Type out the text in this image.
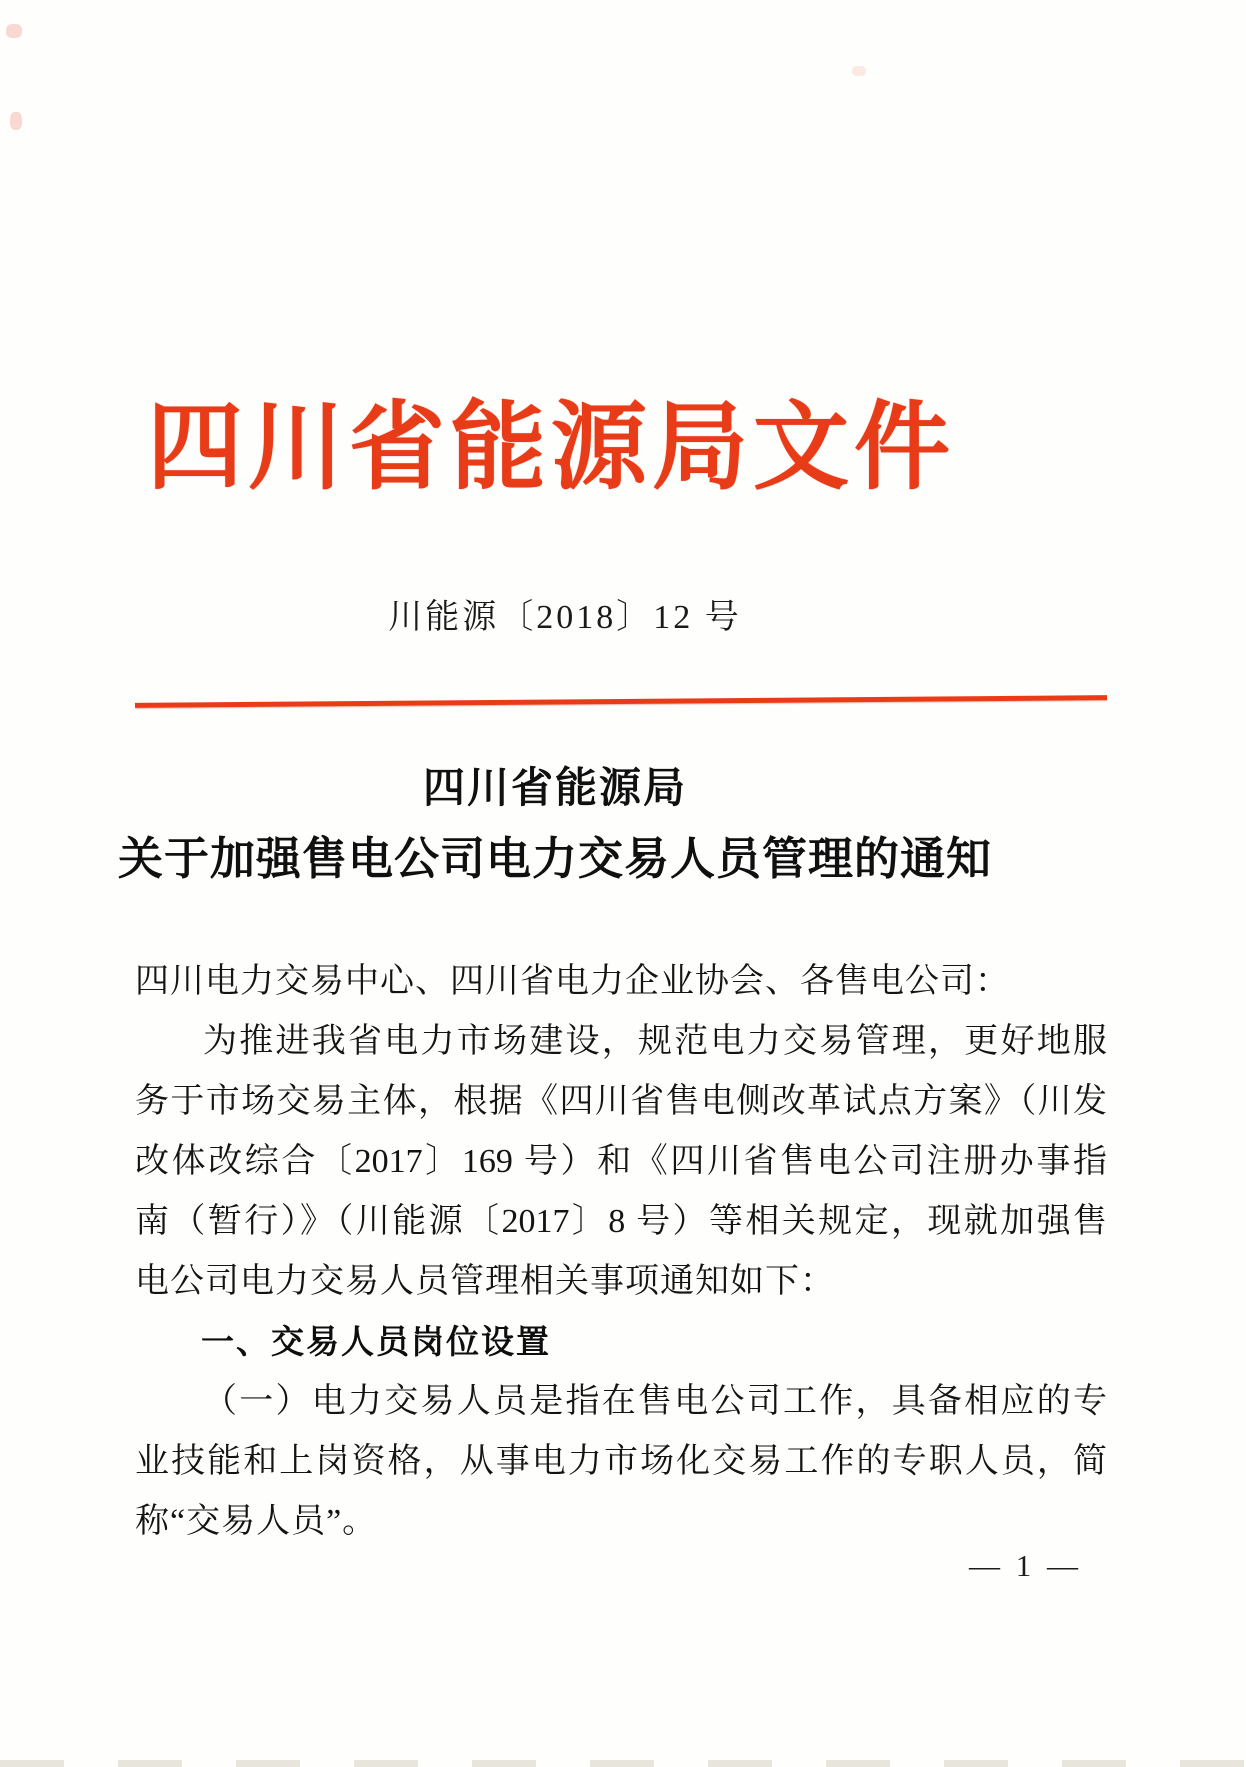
四川省能源局文件
川能源〔2018〕12 号
四川省能源局
关于加强售电公司电力交易人员管理的通知
四川电力交易中心、四川省电力企业协会、各售电公司：
为推进我省电力市场建设，规范电力交易管理，更好地服
务于市场交易主体，根据《四川省售电侧改革试点方案》（川发
改体改综合〔2017〕169 号）和《四川省售电公司注册办事指
南（暂行）》（川能源〔2017〕8 号）等相关规定，现就加强售
电公司电力交易人员管理相关事项通知如下：
一、交易人员岗位设置
（一）电力交易人员是指在售电公司工作，具备相应的专
业技能和上岗资格，从事电力市场化交易工作的专职人员，简
称“交易人员”。
— 1 —
